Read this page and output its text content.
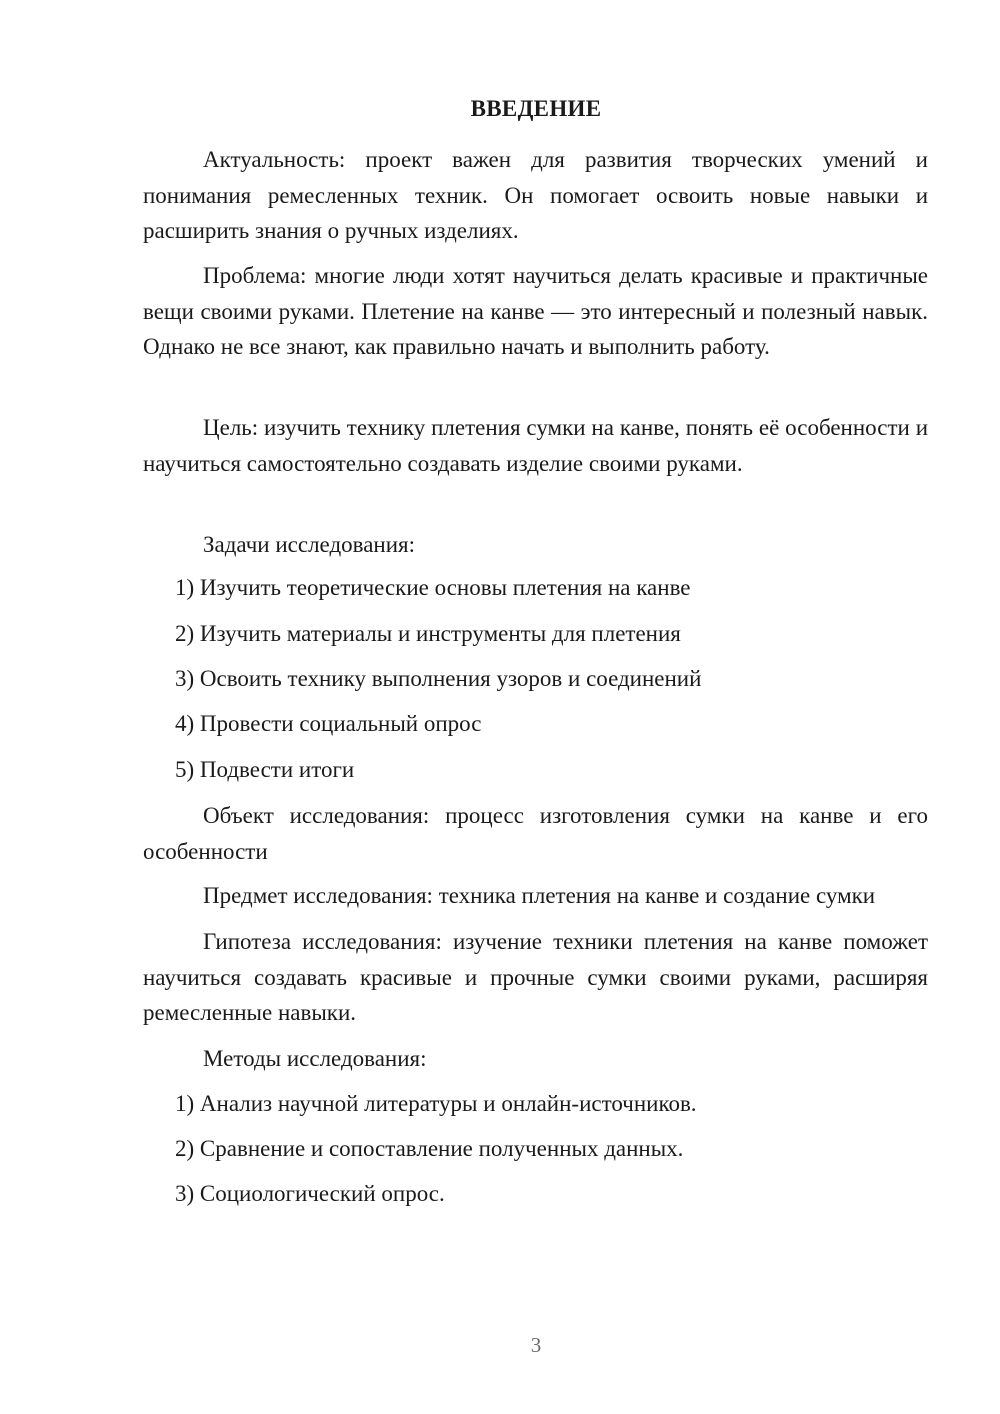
ВВЕДЕНИЕ

Актуальность: проект важен для развития творческих умений и понимания ремесленных техник. Он помогает освоить новые навыки и расширить знания о ручных изделиях.

Проблема: многие люди хотят научиться делать красивые и практичные вещи своими руками. Плетение на канве — это интересный и полезный навык. Однако не все знают, как правильно начать и выполнить работу.

Цель: изучить технику плетения сумки на канве, понять её особенности и научиться самостоятельно создавать изделие своими руками.

Задачи исследования:

1) Изучить теоретические основы плетения на канве

2) Изучить материалы и инструменты для плетения

3) Освоить технику выполнения узоров и соединений

4) Провести социальный опрос

5) Подвести итоги

Объект исследования: процесс изготовления сумки на канве и его особенности

Предмет исследования: техника плетения на канве и создание сумки

Гипотеза исследования: изучение техники плетения на канве поможет научиться создавать красивые и прочные сумки своими руками, расширяя ремесленные навыки.

Методы исследования:

1) Анализ научной литературы и онлайн-источников.

2) Сравнение и сопоставление полученных данных.

3) Социологический опрос.

3
